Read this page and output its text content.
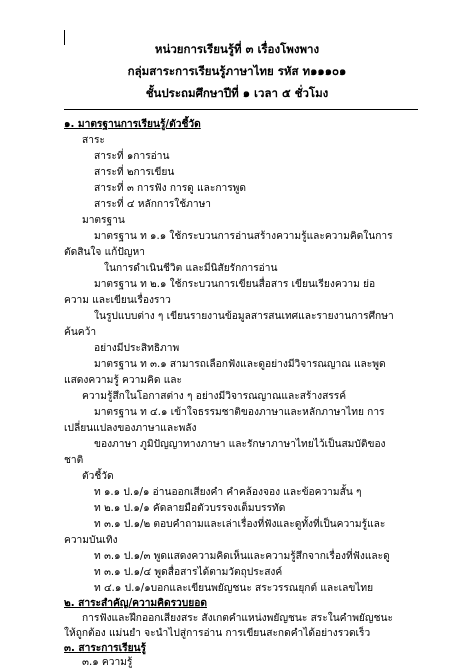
หน่วยการเรียนรู้ที่ ๓ เรื่องโพงพาง
กลุ่มสาระการเรียนรู้ภาษาไทย รหัส ท๑๑๑๐๑
ชั้นประถมศึกษาปีที่ ๑ เวลา ๕ ชั่วโมง
๑. มาตรฐานการเรียนรู้/ตัวชี้วัด
สาระ
สาระที่ ๑การอ่าน
สาระที่ ๒การเขียน
สาระที่ ๓ การฟัง การดู และการพูด
สาระที่ ๔ หลักการใช้ภาษา
มาตรฐาน
มาตรฐาน ท ๑.๑ ใช้กระบวนการอ่านสร้างความรู้และความคิดในการ
ตัดสินใจ แก้ปัญหา
ในการดำเนินชีวิต และมีนิสัยรักการอ่าน
มาตรฐาน ท ๒.๑ ใช้กระบวนการเขียนสื่อสาร เขียนเรียงความ ย่อ
ความ และเขียนเรื่องราว
ในรูปแบบต่าง ๆ เขียนรายงานข้อมูลสารสนเทศและรายงานการศึกษา
ค้นคว้า
อย่างมีประสิทธิภาพ
มาตรฐาน ท ๓.๑ สามารถเลือกฟังและดูอย่างมีวิจารณญาณ และพูด
แสดงความรู้ ความคิด และ
ความรู้สึกในโอกาสต่าง ๆ อย่างมีวิจารณญาณและสร้างสรรค์
มาตรฐาน ท ๔.๑ เข้าใจธรรมชาติของภาษาและหลักภาษาไทย การ
เปลี่ยนแปลงของภาษาและพลัง
ของภาษา ภูมิปัญญาทางภาษา และรักษาภาษาไทยไว้เป็นสมบัติของ
ชาติ
ตัวชี้วัด
ท ๑.๑ ป.๑/๑ อ่านออกเสียงคำ คำคล้องจอง และข้อความสั้น ๆ
ท ๒.๑ ป.๑/๑ คัดลายมือตัวบรรจงเต็มบรรทัด
ท ๓.๑ ป.๑/๒ ตอบคำถามและเล่าเรื่องที่ฟังและดูทั้งที่เป็นความรู้และ
ความบันเทิง
ท ๓.๑ ป.๑/๓ พูดแสดงความคิดเห็นและความรู้สึกจากเรื่องที่ฟังและดู
ท ๓.๑ ป.๑/๔ พูดสื่อสารได้ตามวัตถุประสงค์
ท ๔.๑ ป.๑/๑บอกและเขียนพยัญชนะ สระวรรณยุกต์ และเลขไทย
๒. สาระสำคัญ/ความคิดรวบยอด
การฟังและฝึกออกเสียงสระ สังเกตคำแหน่งพยัญชนะ สระในคำพยัญชนะ
ให้ถูกต้อง แม่นยำ จะนำไปสู่การอ่าน การเขียนสะกดคำได้อย่างรวดเร็ว
๓. สาระการเรียนรู้
๓.๑ ความรู้
